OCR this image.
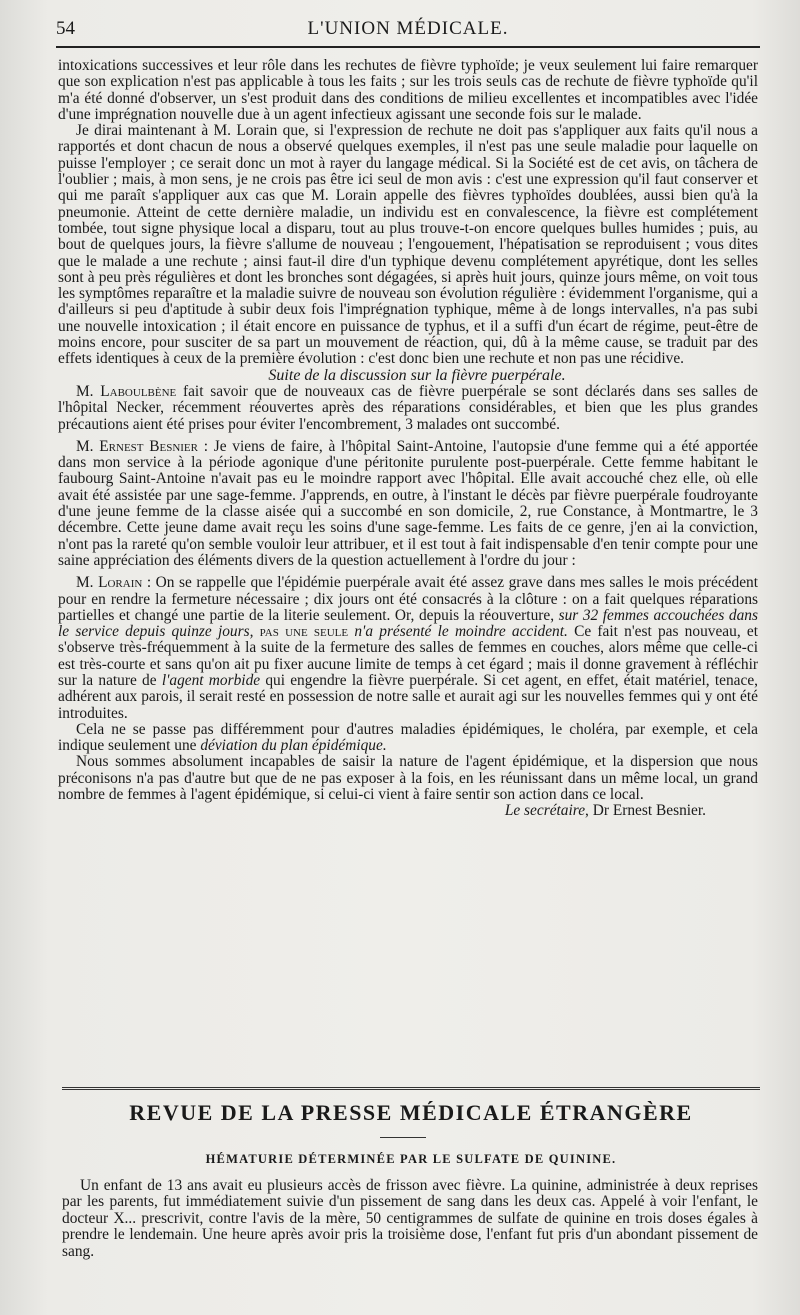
54	L'UNION MÉDICALE.

intoxications successives et leur rôle dans les rechutes de fièvre typhoïde; je veux seulement lui faire remarquer que son explication n'est pas applicable à tous les faits ; sur les trois seuls cas de rechute de fièvre typhoïde qu'il m'a été donné d'observer, un s'est produit dans des conditions de milieu excellentes et incompatibles avec l'idée d'une imprégnation nouvelle due à un agent infectieux agissant une seconde fois sur le malade.

Je dirai maintenant à M. Lorain que, si l'expression de rechute ne doit pas s'appliquer aux faits qu'il nous a rapportés et dont chacun de nous a observé quelques exemples, il n'est pas une seule maladie pour laquelle on puisse l'employer ; ce serait donc un mot à rayer du langage médical. Si la Société est de cet avis, on tâchera de l'oublier ; mais, à mon sens, je ne crois pas être ici seul de mon avis : c'est une expression qu'il faut conserver et qui me paraît s'appliquer aux cas que M. Lorain appelle des fièvres typhoïdes doublées, aussi bien qu'à la pneumonie. Atteint de cette dernière maladie, un individu est en convalescence, la fièvre est complétement tombée, tout signe physique local a disparu, tout au plus trouve-t-on encore quelques bulles humides ; puis, au bout de quelques jours, la fièvre s'allume de nouveau ; l'engouement, l'hépatisation se reproduisent ; vous dites que le malade a une rechute ; ainsi faut-il dire d'un typhique devenu complétement apyrétique, dont les selles sont à peu près régulières et dont les bronches sont dégagées, si après huit jours, quinze jours même, on voit tous les symptômes reparaître et la maladie suivre de nouveau son évolution régulière : évidemment l'organisme, qui a d'ailleurs si peu d'aptitude à subir deux fois l'imprégnation typhique, même à de longs intervalles, n'a pas subi une nouvelle intoxication ; il était encore en puissance de typhus, et il a suffi d'un écart de régime, peut-être de moins encore, pour susciter de sa part un mouvement de réaction, qui, dû à la même cause, se traduit par des effets identiques à ceux de la première évolution : c'est donc bien une rechute et non pas une récidive.

Suite de la discussion sur la fièvre puerpérale.

M. Laboulbène fait savoir que de nouveaux cas de fièvre puerpérale se sont déclarés dans ses salles de l'hôpital Necker, récemment réouvertes après des réparations considérables, et bien que les plus grandes précautions aient été prises pour éviter l'encombrement, 3 malades ont succombé.

M. Ernest Besnier : Je viens de faire, à l'hôpital Saint-Antoine, l'autopsie d'une femme qui a été apportée dans mon service à la période agonique d'une péritonite purulente post-puerpérale. Cette femme habitant le faubourg Saint-Antoine n'avait pas eu le moindre rapport avec l'hôpital. Elle avait accouché chez elle, où elle avait été assistée par une sage-femme. J'apprends, en outre, à l'instant le décès par fièvre puerpérale foudroyante d'une jeune femme de la classe aisée qui a succombé en son domicile, 2, rue Constance, à Montmartre, le 3 décembre. Cette jeune dame avait reçu les soins d'une sage-femme. Les faits de ce genre, j'en ai la conviction, n'ont pas la rareté qu'on semble vouloir leur attribuer, et il est tout à fait indispensable d'en tenir compte pour une saine appréciation des éléments divers de la question actuellement à l'ordre du jour :

M. Lorain : On se rappelle que l'épidémie puerpérale avait été assez grave dans mes salles le mois précédent pour en rendre la fermeture nécessaire ; dix jours ont été consacrés à la clôture : on a fait quelques réparations partielles et changé une partie de la literie seulement. Or, depuis la réouverture, sur 32 femmes accouchées dans le service depuis quinze jours, pas une seule n'a présenté le moindre accident. Ce fait n'est pas nouveau, et s'observe très-fréquemment à la suite de la fermeture des salles de femmes en couches, alors même que celle-ci est très-courte et sans qu'on ait pu fixer aucune limite de temps à cet égard ; mais il donne gravement à réfléchir sur la nature de l'agent morbide qui engendre la fièvre puerpérale. Si cet agent, en effet, était matériel, tenace, adhérent aux parois, il serait resté en possession de notre salle et aurait agi sur les nouvelles femmes qui y ont été introduites.

Cela ne se passe pas différemment pour d'autres maladies épidémiques, le choléra, par exemple, et cela indique seulement une déviation du plan épidémique.

Nous sommes absolument incapables de saisir la nature de l'agent épidémique, et la dispersion que nous préconisons n'a pas d'autre but que de ne pas exposer à la fois, en les réunissant dans un même local, un grand nombre de femmes à l'agent épidémique, si celui-ci vient à faire sentir son action dans ce local.

Le secrétaire, Dr Ernest Besnier.

REVUE DE LA PRESSE MÉDICALE ÉTRANGÈRE
HÉMATURIE DÉTERMINÉE PAR LE SULFATE DE QUININE.

Un enfant de 13 ans avait eu plusieurs accès de frisson avec fièvre. La quinine, administrée à deux reprises par les parents, fut immédiatement suivie d'un pissement de sang dans les deux cas. Appelé à voir l'enfant, le docteur X... prescrivit, contre l'avis de la mère, 50 centigrammes de sulfate de quinine en trois doses égales à prendre le lendemain. Une heure après avoir pris la troisième dose, l'enfant fut pris d'un abondant pissement de sang.
